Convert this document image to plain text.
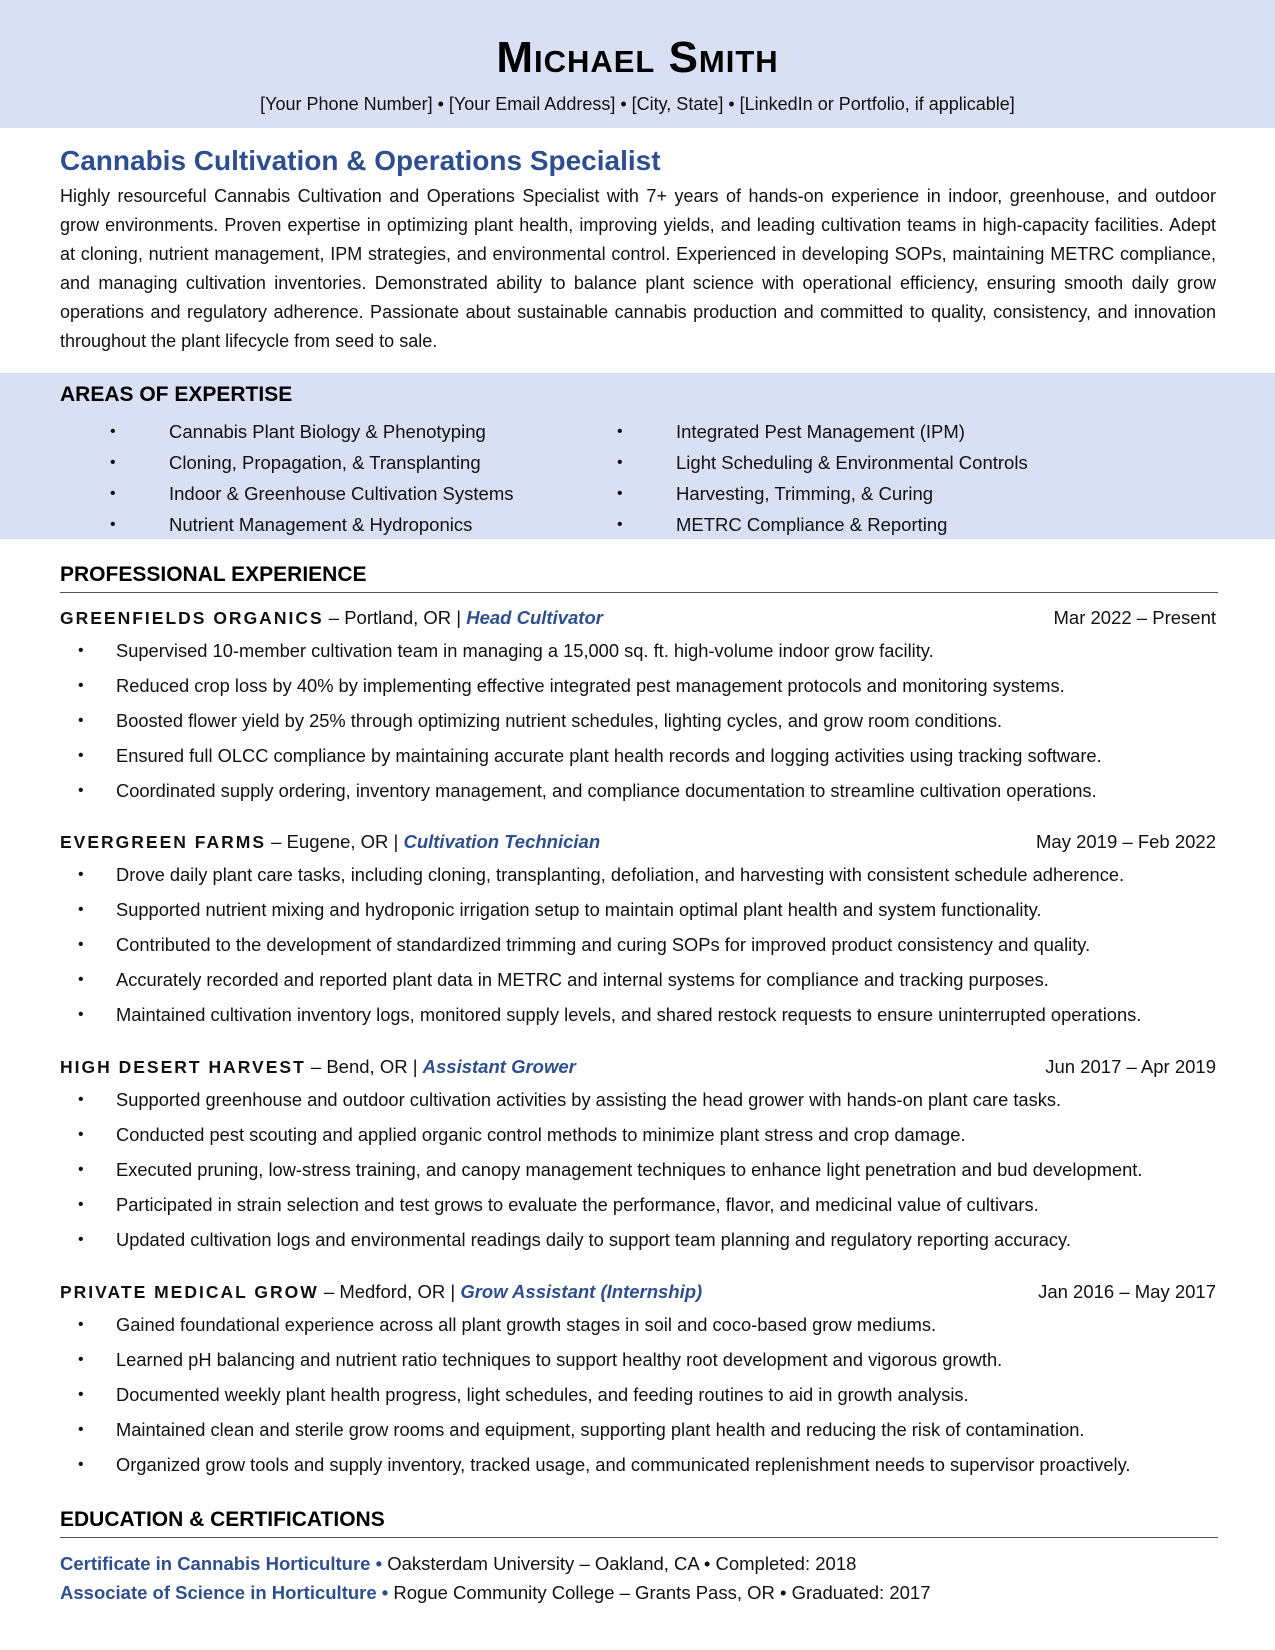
Michael Smith
[Your Phone Number] • [Your Email Address] • [City, State] • [LinkedIn or Portfolio, if applicable]
Cannabis Cultivation & Operations Specialist
Highly resourceful Cannabis Cultivation and Operations Specialist with 7+ years of hands-on experience in indoor, greenhouse, and outdoor grow environments. Proven expertise in optimizing plant health, improving yields, and leading cultivation teams in high-capacity facilities. Adept at cloning, nutrient management, IPM strategies, and environmental control. Experienced in developing SOPs, maintaining METRC compliance, and managing cultivation inventories. Demonstrated ability to balance plant science with operational efficiency, ensuring smooth daily grow operations and regulatory adherence. Passionate about sustainable cannabis production and committed to quality, consistency, and innovation throughout the plant lifecycle from seed to sale.
AREAS OF EXPERTISE
•	Cannabis Plant Biology & Phenotyping
•	Cloning, Propagation, & Transplanting
•	Indoor & Greenhouse Cultivation Systems
•	Nutrient Management & Hydroponics
•	Integrated Pest Management (IPM)
•	Light Scheduling & Environmental Controls
•	Harvesting, Trimming, & Curing
•	METRC Compliance & Reporting
PROFESSIONAL EXPERIENCE
GREENFIELDS ORGANICS – Portland, OR | Head Cultivator	Mar 2022 – Present
• Supervised 10-member cultivation team in managing a 15,000 sq. ft. high-volume indoor grow facility.
• Reduced crop loss by 40% by implementing effective integrated pest management protocols and monitoring systems.
• Boosted flower yield by 25% through optimizing nutrient schedules, lighting cycles, and grow room conditions.
• Ensured full OLCC compliance by maintaining accurate plant health records and logging activities using tracking software.
• Coordinated supply ordering, inventory management, and compliance documentation to streamline cultivation operations.
EVERGREEN FARMS – Eugene, OR | Cultivation Technician	May 2019 – Feb 2022
• Drove daily plant care tasks, including cloning, transplanting, defoliation, and harvesting with consistent schedule adherence.
• Supported nutrient mixing and hydroponic irrigation setup to maintain optimal plant health and system functionality.
• Contributed to the development of standardized trimming and curing SOPs for improved product consistency and quality.
• Accurately recorded and reported plant data in METRC and internal systems for compliance and tracking purposes.
• Maintained cultivation inventory logs, monitored supply levels, and shared restock requests to ensure uninterrupted operations.
HIGH DESERT HARVEST – Bend, OR | Assistant Grower	Jun 2017 – Apr 2019
• Supported greenhouse and outdoor cultivation activities by assisting the head grower with hands-on plant care tasks.
• Conducted pest scouting and applied organic control methods to minimize plant stress and crop damage.
• Executed pruning, low-stress training, and canopy management techniques to enhance light penetration and bud development.
• Participated in strain selection and test grows to evaluate the performance, flavor, and medicinal value of cultivars.
• Updated cultivation logs and environmental readings daily to support team planning and regulatory reporting accuracy.
PRIVATE MEDICAL GROW – Medford, OR | Grow Assistant (Internship)	Jan 2016 – May 2017
• Gained foundational experience across all plant growth stages in soil and coco-based grow mediums.
• Learned pH balancing and nutrient ratio techniques to support healthy root development and vigorous growth.
• Documented weekly plant health progress, light schedules, and feeding routines to aid in growth analysis.
• Maintained clean and sterile grow rooms and equipment, supporting plant health and reducing the risk of contamination.
• Organized grow tools and supply inventory, tracked usage, and communicated replenishment needs to supervisor proactively.
EDUCATION & CERTIFICATIONS
Certificate in Cannabis Horticulture • Oaksterdam University – Oakland, CA • Completed: 2018
Associate of Science in Horticulture • Rogue Community College – Grants Pass, OR • Graduated: 2017
